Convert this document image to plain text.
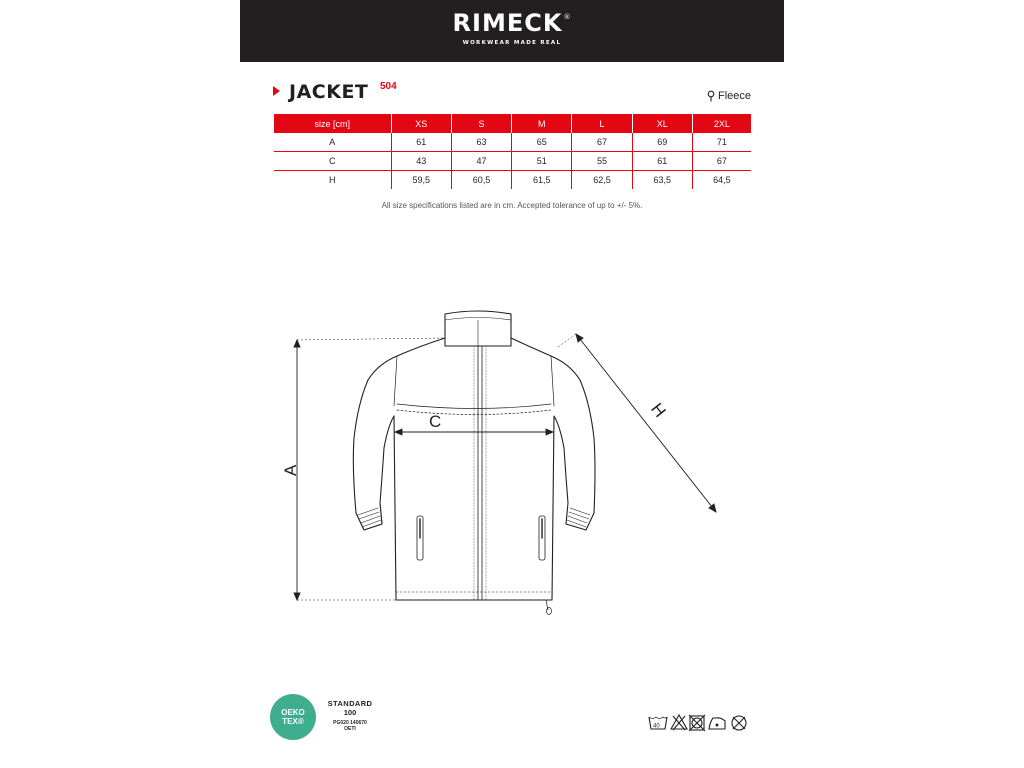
RIMECK®
WORKWEAR MADE REAL
JACKET 504
Fleece
size [cm]	XS	S	M	L	XL	2XL
A	61	63	65	67	69	71
C	43	47	51	55	61	67
H	59,5	60,5	61,5	62,5	63,5	64,5
All size specifications listed are in cm. Accepted tolerance of up to +/- 5%.
A
C
H
OEKO
TEX®
STANDARD
100
PG020 140670
OETI	40
